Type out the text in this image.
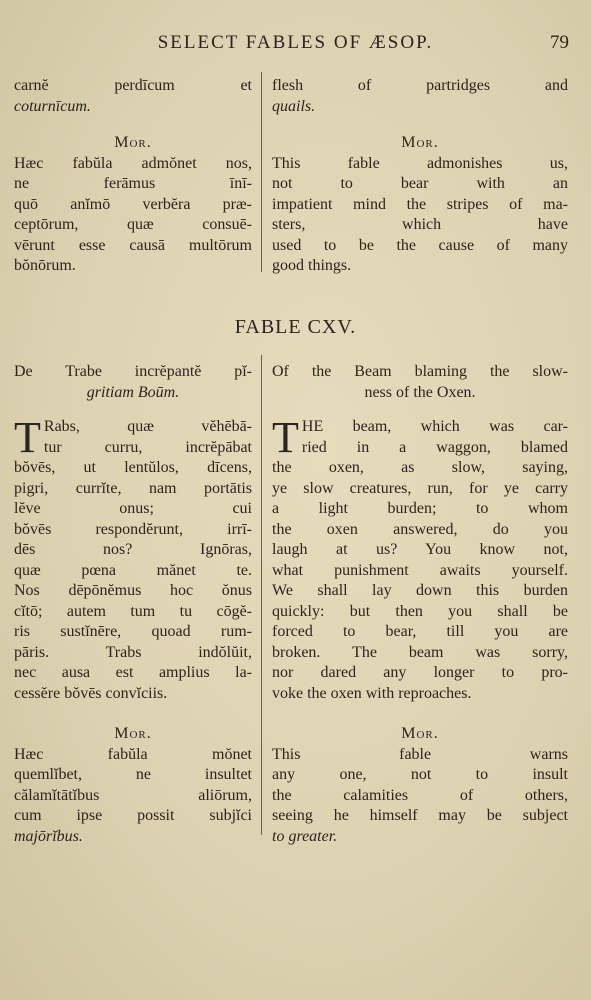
SELECT FABLES OF ÆSOP.	79
carnĕ perdīcum et
coturnīcum.
Mor.
Hæc fabŭla admŏnet nos,
ne ferāmus īnī-
quō anĭmō verbĕra præ-
ceptōrum, quæ consuē-
vērunt esse causā multōrum
bŏnōrum.
flesh of partridges and
quails.
Mor.
This fable admonishes us,
not to bear with an
impatient mind the stripes of ma-
sters, which have
used to be the cause of many
good things.
FABLE CXV.
De Trabe incrĕpantĕ pĭ-
gritiam Boūm.
T Rabs, quæ vĕhēbā-
tur curru, incrĕpābat
bŏvēs, ut lentŭlos, dīcens,
pigri, currĭte, nam portātis
lĕve onus; cui
bŏvēs respondĕrunt, irrī-
dēs nos? Ignōras,
quæ pœna mănet te.
Nos dēpōnĕmus hoc ŏnus
cĭtō; autem tum tu cōgĕ-
ris sustĭnēre, quoad rum-
pāris. Trabs indŏlŭit,
nec ausa est amplius la-
cessĕre bŏvēs convĭciis.
Of the Beam blaming the slow-
ness of the Oxen.
T HE beam, which was car-
ried in a waggon, blamed
the oxen, as slow, saying,
ye slow creatures, run, for ye carry
a light burden; to whom
the oxen answered, do you
laugh at us? You know not,
what punishment awaits yourself.
We shall lay down this burden
quickly: but then you shall be
forced to bear, till you are
broken. The beam was sorry,
nor dared any longer to pro-
voke the oxen with reproaches.
Mor.
Hæc fabŭla mŏnet
quemlĭbet, ne insultet
călamĭtātĭbus aliōrum,
cum ipse possit subjĭci
majōrĭbus.
Mor.
This fable warns
any one, not to insult
the calamities of others,
seeing he himself may be subject
to greater.
